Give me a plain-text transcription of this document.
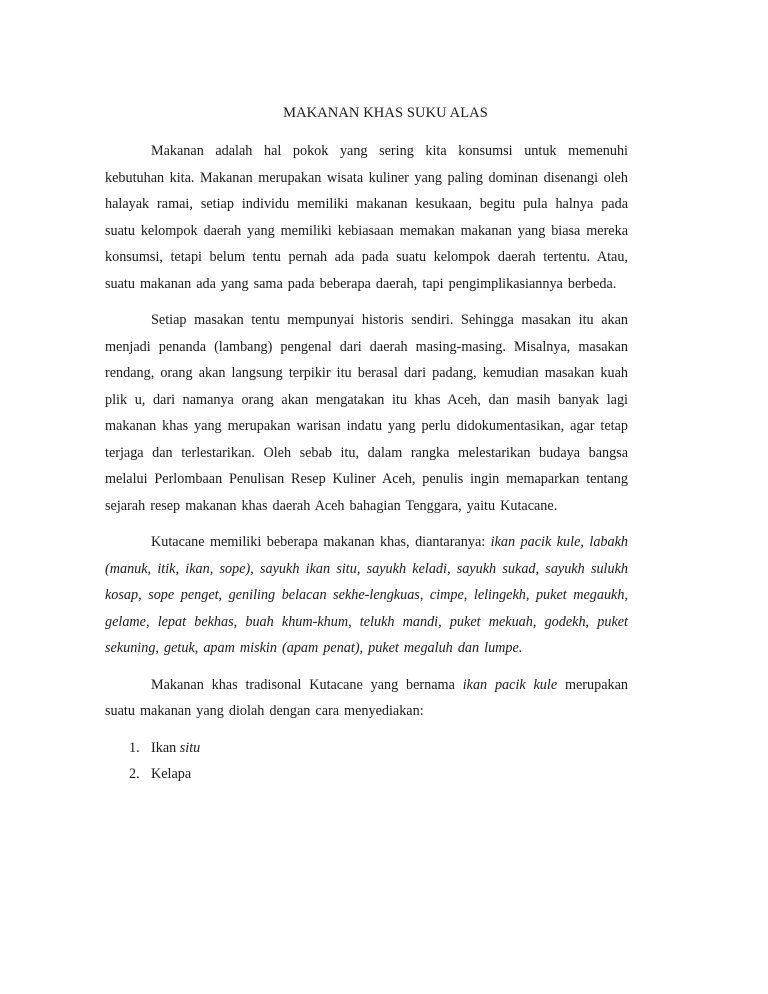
MAKANAN KHAS SUKU ALAS

Makanan adalah hal pokok yang sering kita konsumsi untuk memenuhi kebutuhan kita. Makanan merupakan wisata kuliner yang paling dominan disenangi oleh halayak ramai, setiap individu memiliki makanan kesukaan, begitu pula halnya pada suatu kelompok daerah yang memiliki kebiasaan memakan makanan yang biasa mereka konsumsi, tetapi belum tentu pernah ada pada suatu kelompok daerah tertentu. Atau, suatu makanan ada yang sama pada beberapa daerah, tapi pengimplikasiannya berbeda.

Setiap masakan tentu mempunyai historis sendiri. Sehingga masakan itu akan menjadi penanda (lambang) pengenal dari daerah masing-masing. Misalnya, masakan rendang, orang akan langsung terpikir itu berasal dari padang, kemudian masakan kuah plik u, dari namanya orang akan mengatakan itu khas Aceh, dan masih banyak lagi makanan khas yang merupakan warisan indatu yang perlu didokumentasikan, agar tetap terjaga dan terlestarikan. Oleh sebab itu, dalam rangka melestarikan budaya bangsa melalui Perlombaan Penulisan Resep Kuliner Aceh, penulis ingin memaparkan tentang sejarah resep makanan khas daerah Aceh bahagian Tenggara, yaitu Kutacane.

Kutacane memiliki beberapa makanan khas, diantaranya: ikan pacik kule, labakh (manuk, itik, ikan, sope), sayukh ikan situ, sayukh keladi, sayukh sukad, sayukh sulukh kosap, sope penget, geniling belacan sekhe-lengkuas, cimpe, lelingekh, puket megaukh, gelame, lepat bekhas, buah khum-khum, telukh mandi, puket mekuah, godekh, puket sekuning, getuk, apam miskin (apam penat), puket megaluh dan lumpe.

Makanan khas tradisonal Kutacane yang bernama ikan pacik kule merupakan suatu makanan yang diolah dengan cara menyediakan:

1. Ikan situ
2. Kelapa
